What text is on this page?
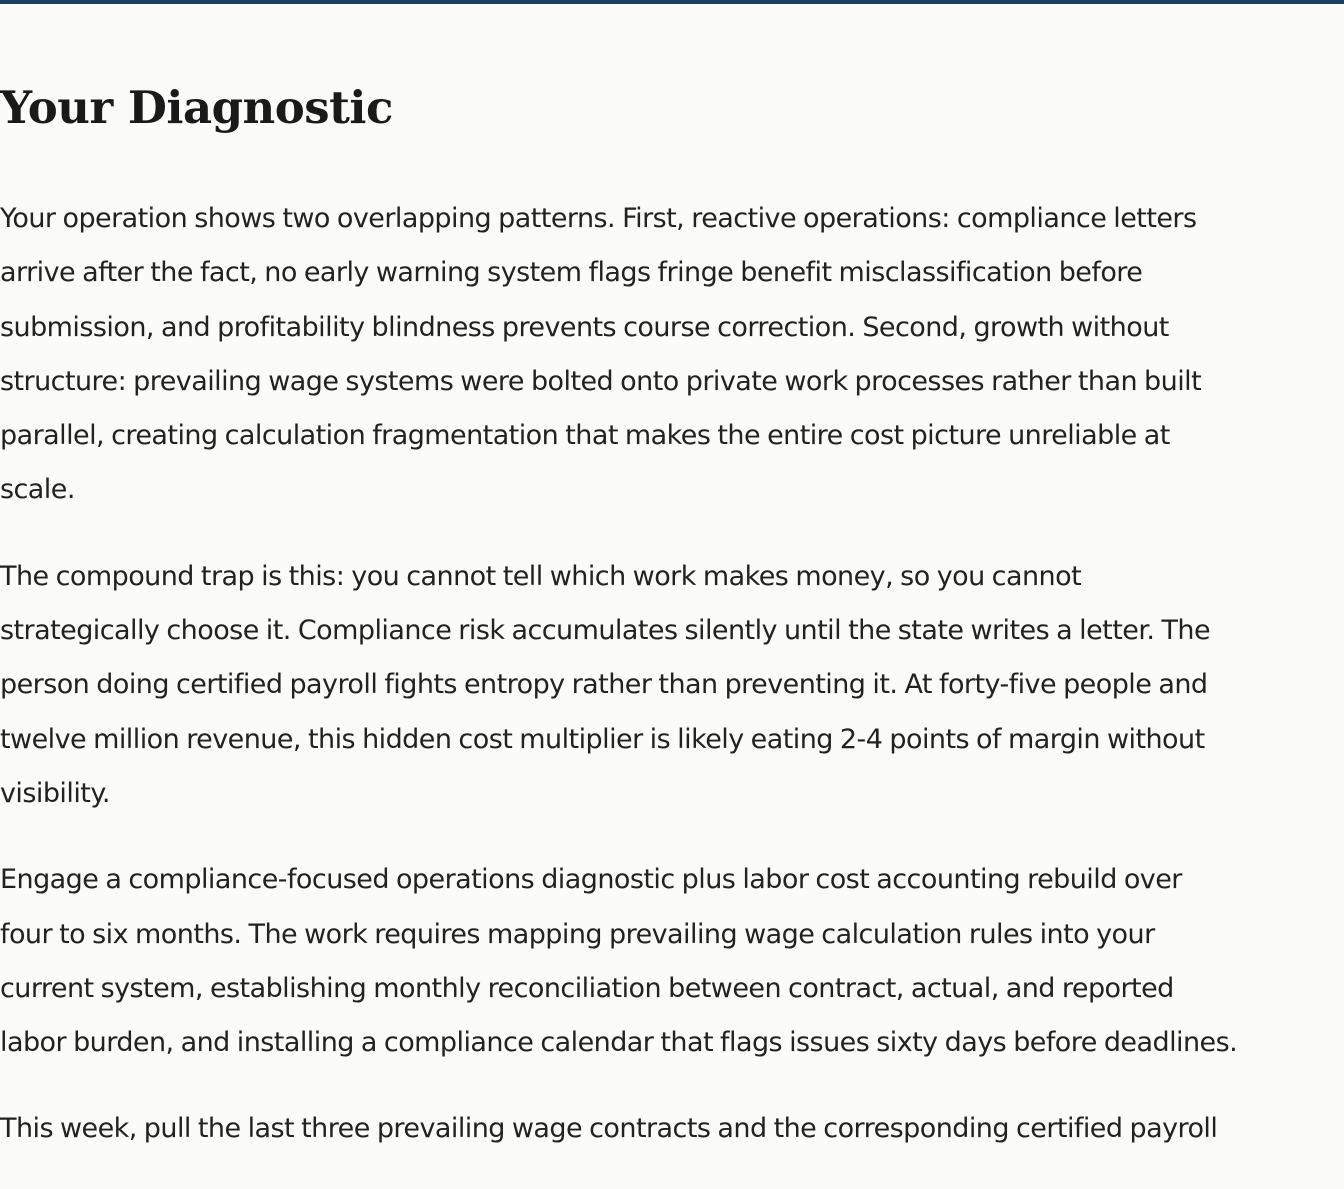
Your Diagnostic

Your operation shows two overlapping patterns. First, reactive operations: compliance letters
arrive after the fact, no early warning system flags fringe benefit misclassification before
submission, and profitability blindness prevents course correction. Second, growth without
structure: prevailing wage systems were bolted onto private work processes rather than built
parallel, creating calculation fragmentation that makes the entire cost picture unreliable at
scale.

The compound trap is this: you cannot tell which work makes money, so you cannot
strategically choose it. Compliance risk accumulates silently until the state writes a letter. The
person doing certified payroll fights entropy rather than preventing it. At forty-five people and
twelve million revenue, this hidden cost multiplier is likely eating 2-4 points of margin without
visibility.

Engage a compliance-focused operations diagnostic plus labor cost accounting rebuild over
four to six months. The work requires mapping prevailing wage calculation rules into your
current system, establishing monthly reconciliation between contract, actual, and reported
labor burden, and installing a compliance calendar that flags issues sixty days before deadlines.

This week, pull the last three prevailing wage contracts and the corresponding certified payroll
